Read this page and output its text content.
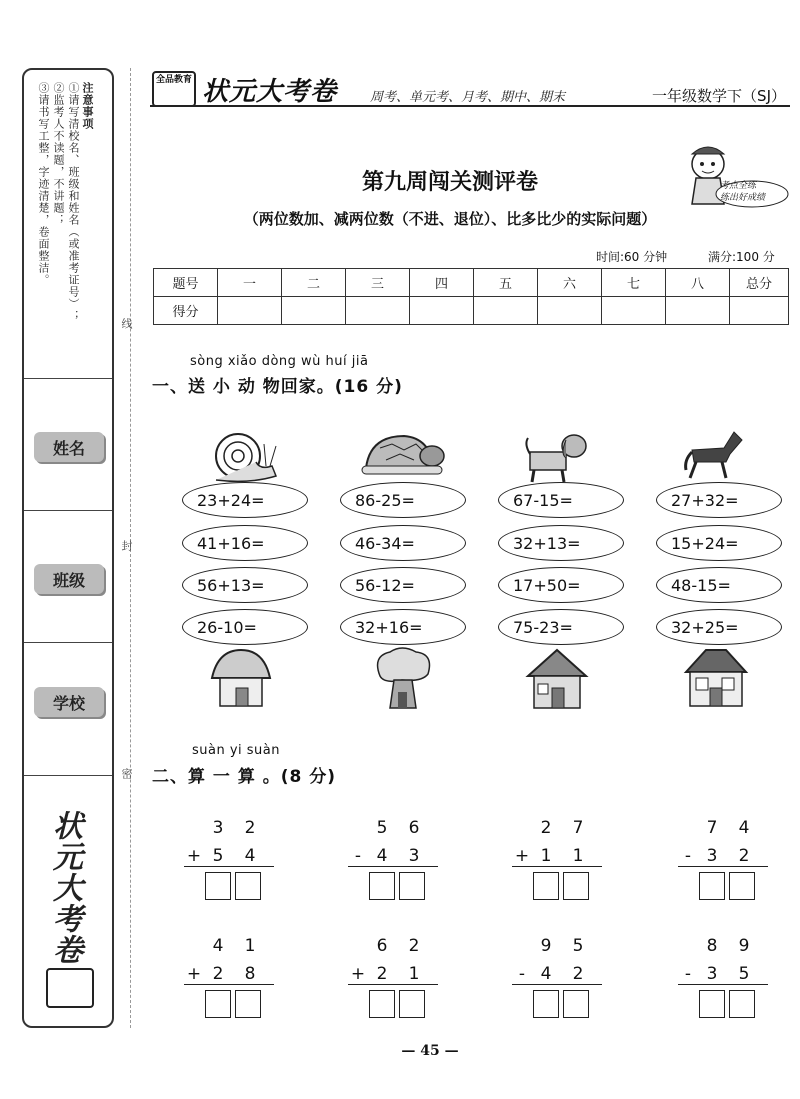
注意事项
①请写清校名、班级和姓名（或准考证号）；
②监考人不读题，不讲题；
③请书写工整，字迹清楚，卷面整洁。
姓名
班级
学校
状元大考卷
线
封
密
全品教育 状元大考卷	周考、单元考、月考、期中、期末	一年级数学下（SJ）
第九周闯关测评卷
（两位数加、减两位数（不进、退位）、比多比少的实际问题）
考点全练
练出好成绩
时间:60 分钟	满分:100 分
题号	一	二	三	四	五	六	七	八	总分
得分									
sòng xiǎo dòng wù huí jiā
一、送 小 动 物回家。(16 分)
23+24=
41+16=
56+13=
26-10=
86-25=
46-34=
56-12=
32+16=
67-15=
32+13=
17+50=
75-23=
27+32=
15+24=
48-15=
32+25=
suàn yi suàn
二、算 一 算 。(8 分)
3 2
+ 5 4
5 6
- 4 3
2 7
+ 1 1
7 4
- 3 2
4 1
+ 2 8
6 2
+ 2 1
9 5
- 4 2
8 9
- 3 5
— 45 —
